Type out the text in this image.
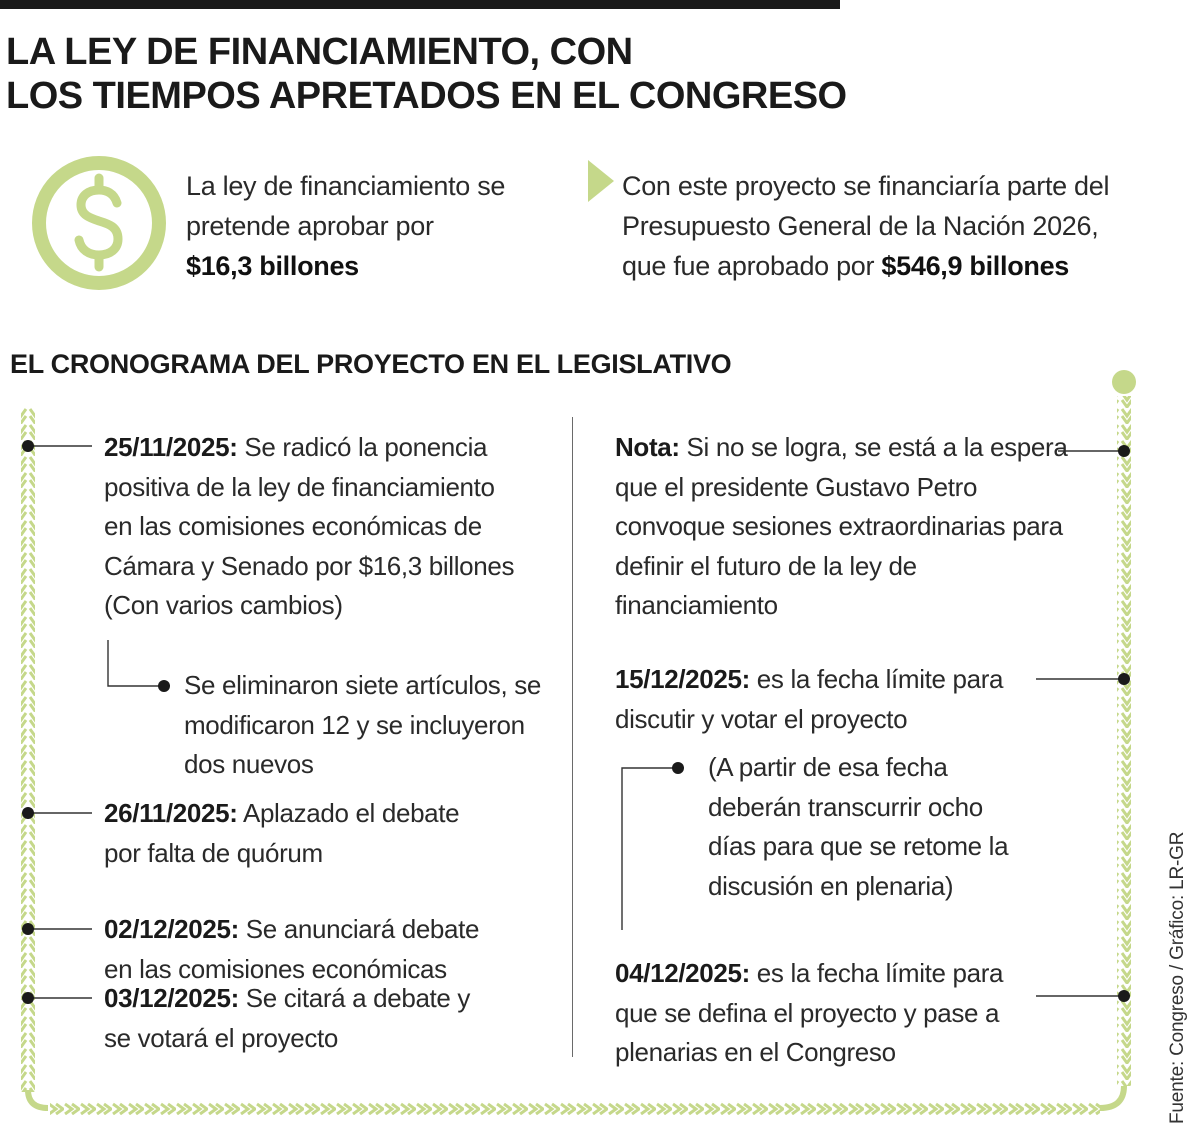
LA LEY DE FINANCIAMIENTO, CON
LOS TIEMPOS APRETADOS EN EL CONGRESO

La ley de financiamiento se
pretende aprobar por
$16,3 billones

Con este proyecto se financiaría parte del
Presupuesto General de la Nación 2026,
que fue aprobado por $546,9 billones

EL CRONOGRAMA DEL PROYECTO EN EL LEGISLATIVO
25/11/2025: Se radicó la ponencia
positiva de la ley de financiamiento
en las comisiones económicas de
Cámara y Senado por $16,3 billones
(Con varios cambios)
Se eliminaron siete artículos, se
modificaron 12 y se incluyeron
dos nuevos
26/11/2025: Aplazado el debate
por falta de quórum
02/12/2025: Se anunciará debate
en las comisiones económicas
03/12/2025: Se citará a debate y
se votará el proyecto
Nota: Si no se logra, se está a la espera
que el presidente Gustavo Petro
convoque sesiones extraordinarias para
definir el futuro de la ley de
financiamiento
15/12/2025: es la fecha límite para
discutir y votar el proyecto
(A partir de esa fecha
deberán transcurrir ocho
días para que se retome la
discusión en plenaria)
04/12/2025: es la fecha límite para
que se defina el proyecto y pase a
plenarias en el Congreso	Fuente: Congreso / Gráfico: LR-GR
